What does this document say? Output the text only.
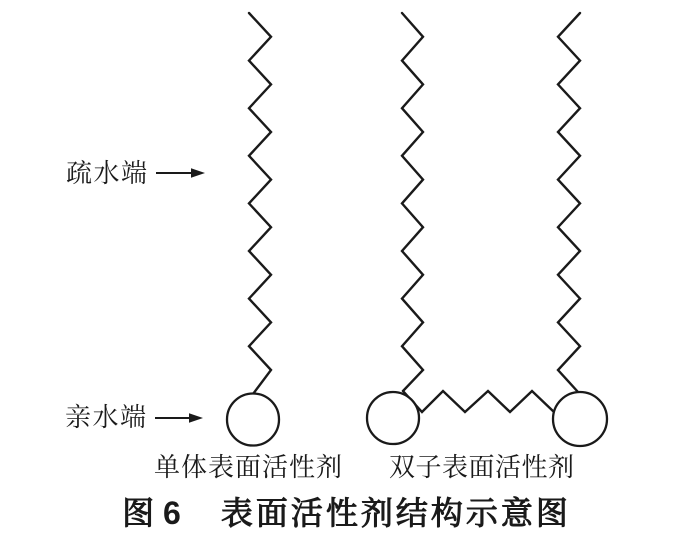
疏水端
亲水端
单体表面活性剂 双子表面活性剂
图 6 表面活性剂结构示意图
